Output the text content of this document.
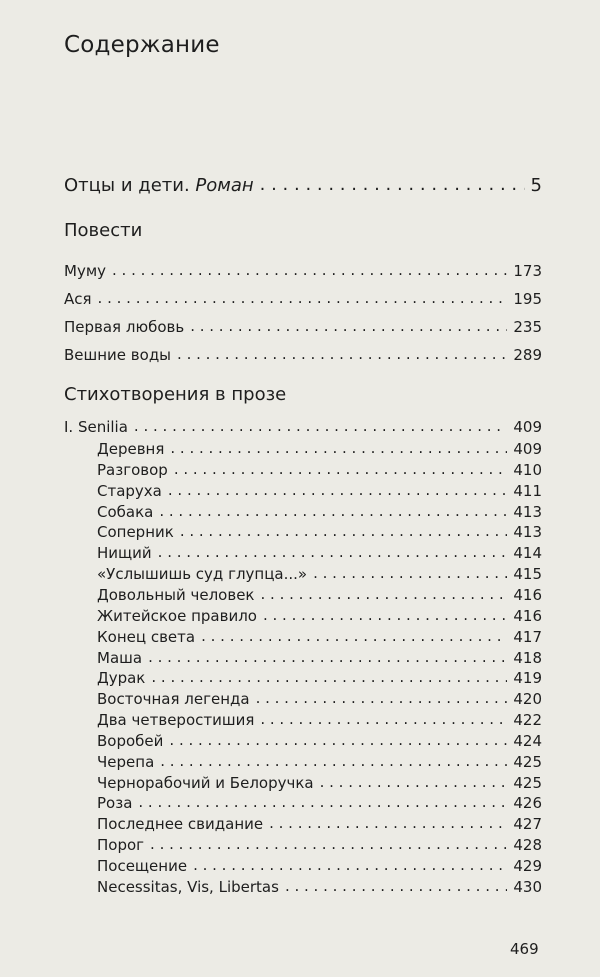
Содержание
Отцы и дети. Роман . . .	5
Повести
Муму . . .	173
Ася . . .	195
Первая любовь . . .	235
Вешние воды . . .	289
Стихотворения в прозе
I. Senilia . . .	409
Деревня . . .	409
Разговор . . .	410
Старуха . . .	411
Собака . . .	413
Соперник . . .	413
Нищий . . .	414
«Услышишь суд глупца...» . . .	415
Довольный человек . . .	416
Житейское правило . . .	416
Конец света . . .	417
Маша . . .	418
Дурак . . .	419
Восточная легенда . . .	420
Два четверостишия . . .	422
Воробей . . .	424
Черепа . . .	425
Чернорабочий и Белоручка . . .	425
Роза . . .	426
Последнее свидание . . .	427
Порог . . .	428
Посещение . . .	429
Necessitas, Vis, Libertas . . .	430
469
